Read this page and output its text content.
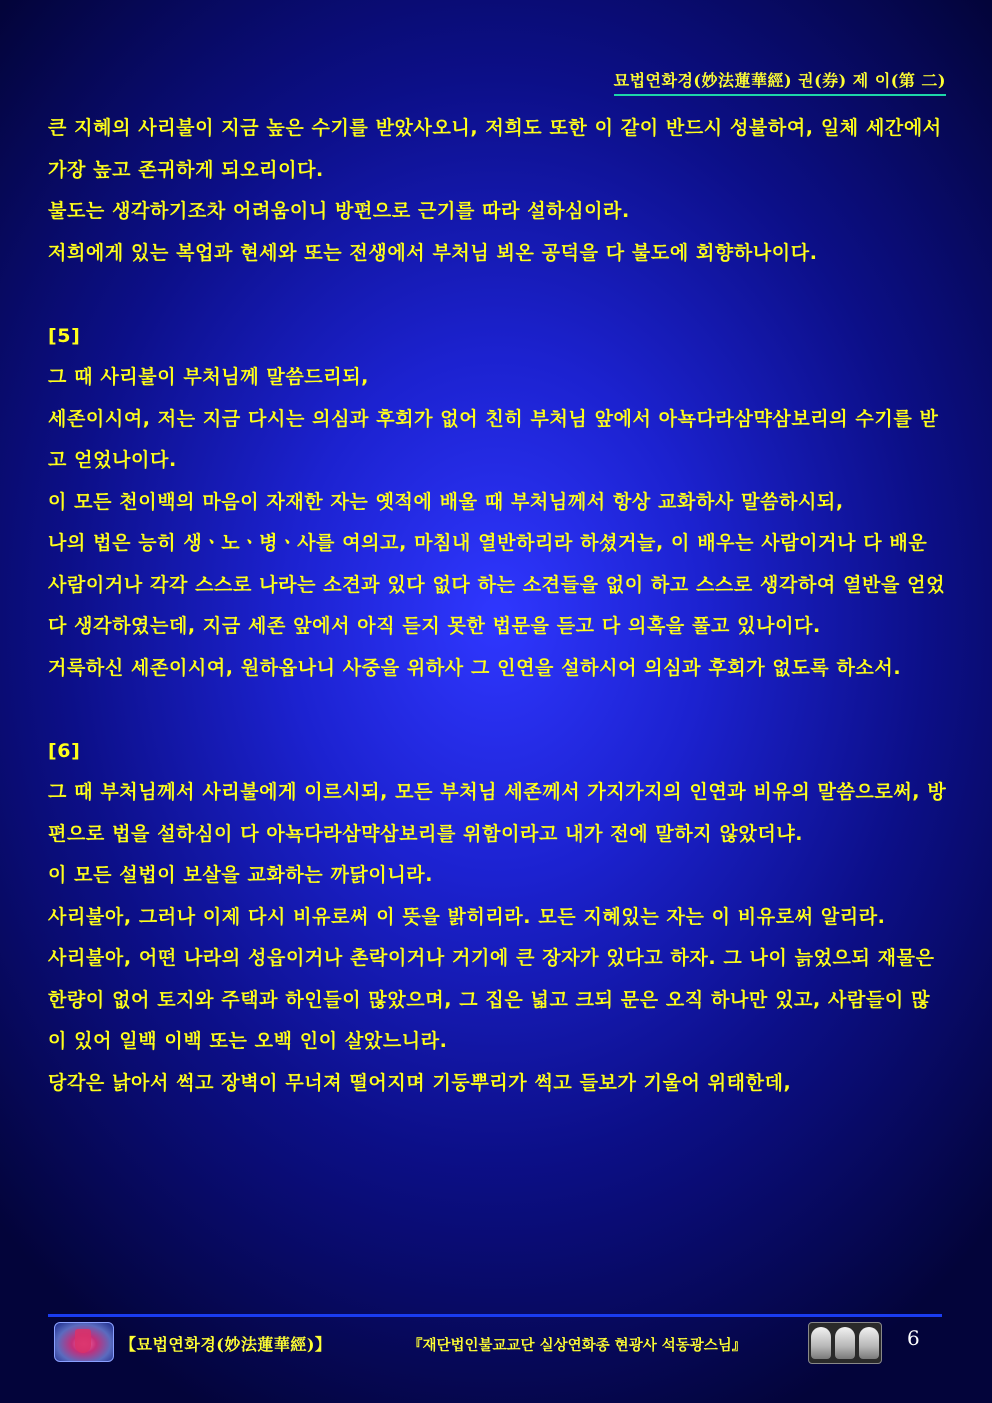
묘법연화경(妙法蓮華經) 권(券) 제 이(第 二)

큰 지혜의 사리불이 지금 높은 수기를 받았사오니, 저희도 또한 이 같이 반드시 성불하여, 일체 세간에서 가장 높고 존귀하게 되오리이다.

불도는 생각하기조차 어려움이니 방편으로 근기를 따라 설하심이라.

저희에게 있는 복업과 현세와 또는 전생에서 부처님 뵈온 공덕을 다 불도에 회향하나이다.

[5]

그 때 사리불이 부처님께 말씀드리되,

세존이시여, 저는 지금 다시는 의심과 후회가 없어 친히 부처님 앞에서 아뇩다라삼먁삼보리의 수기를 받고 얻었나이다.

이 모든 천이백의 마음이 자재한 자는 옛적에 배울 때 부처님께서 항상 교화하사 말씀하시되,

나의 법은 능히 생ㆍ노ㆍ병ㆍ사를 여의고, 마침내 열반하리라 하셨거늘, 이 배우는 사람이거나 다 배운 사람이거나 각각 스스로 나라는 소견과 있다 없다 하는 소견들을 없이 하고 스스로 생각하여 열반을 얻었다 생각하였는데, 지금 세존 앞에서 아직 듣지 못한 법문을 듣고 다 의혹을 풀고 있나이다.

거룩하신 세존이시여, 원하옵나니 사중을 위하사 그 인연을 설하시어 의심과 후회가 없도록 하소서.

[6]

그 때 부처님께서 사리불에게 이르시되, 모든 부처님 세존께서 가지가지의 인연과 비유의 말씀으로써, 방편으로 법을 설하심이 다 아뇩다라삼먁삼보리를 위함이라고 내가 전에 말하지 않았더냐.

이 모든 설법이 보살을 교화하는 까닭이니라.

사리불아, 그러나 이제 다시 비유로써 이 뜻을 밝히리라. 모든 지혜있는 자는 이 비유로써 알리라.

사리불아, 어떤 나라의 성읍이거나 촌락이거나 거기에 큰 장자가 있다고 하자. 그 나이 늙었으되 재물은 한량이 없어 토지와 주택과 하인들이 많았으며, 그 집은 넓고 크되 문은 오직 하나만 있고, 사람들이 많이 있어 일백 이백 또는 오백 인이 살았느니라.

당각은 낡아서 썩고 장벽이 무너져 떨어지며 기둥뿌리가 썩고 들보가 기울어 위태한데,

【묘법연화경(妙法蓮華經)】	『재단법인불교교단 실상연화종 현광사 석동광스님』	6
